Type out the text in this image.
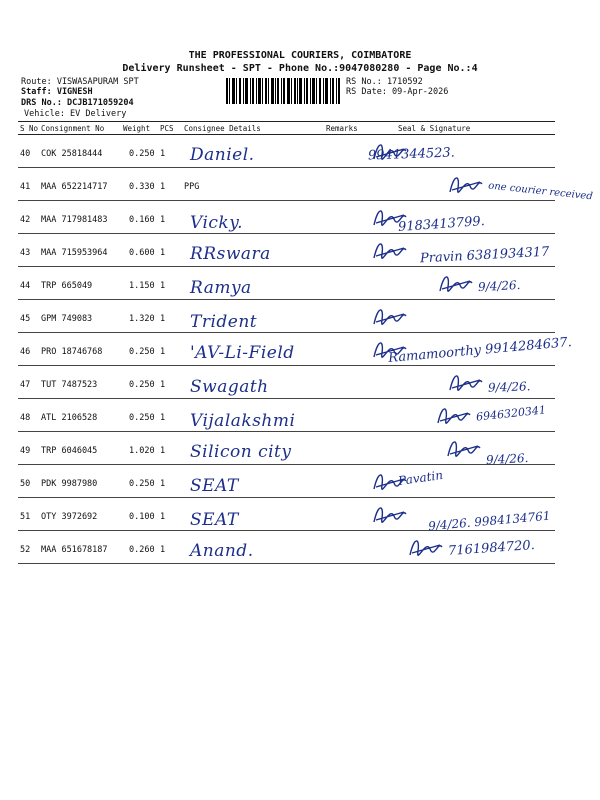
THE PROFESSIONAL COURIERS, COIMBATORE
Delivery Runsheet - SPT - Phone No.:9047080280 - Page No.:4
Route: VISWASAPURAM SPT
Staff: VIGNESH
DRS No.: DCJB171059204
Vehicle: EV Delivery
RS No.: 1710592
RS Date: 09-Apr-2026
S No	Consignment No	Weight	PCS	Consignee Details	Remarks	Seal & Signature
40	COK 25818444	0.250	1	Daniel.		9941344523.

41	MAA 652214717	0.330	1	PPG		one courier received

42	MAA 717981483	0.160	1	Vicky.		9183413799.

43	MAA 715953964	0.600	1	RRswara		Pravin 6381934317

44	TRP 665049	1.150	1	Ramya		9/4/26.

45	GPM 749083	1.320	1	Trident

46	PRO 18746768	0.250	1	'AV-Li-Field		Ramamoorthy 9914284637.

47	TUT 7487523	0.250	1	Swagath		9/4/26.

48	ATL 2106528	0.250	1	Vijalakshmi		6946320341

49	TRP 6046045	1.020	1	Silicon city		9/4/26.

50	PDK 9987980	0.250	1	SEAT		Pavatin

51	OTY 3972692	0.100	1	SEAT		9/4/26. 9984134761

52	MAA 651678187	0.260	1	Anand.		7161984720.
